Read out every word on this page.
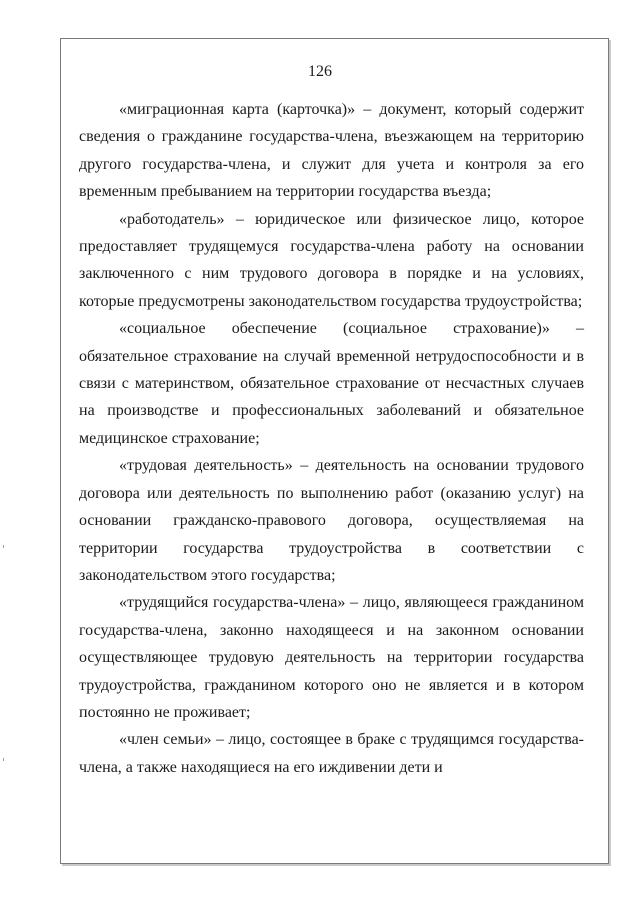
126

«миграционная карта (карточка)» – документ, который содержит сведения о гражданине государства-члена, въезжающем на территорию другого государства-члена, и служит для учета и контроля за его временным пребыванием на территории государства въезда;

«работодатель» – юридическое или физическое лицо, которое предоставляет трудящемуся государства-члена работу на основании заключенного с ним трудового договора в порядке и на условиях, которые предусмотрены законодательством государства трудоустройства;

«социальное обеспечение (социальное страхование)» – обязательное страхование на случай временной нетрудоспособности и в связи с материнством, обязательное страхование от несчастных случаев на производстве и профессиональных заболеваний и обязательное медицинское страхование;

«трудовая деятельность» – деятельность на основании трудового договора или деятельность по выполнению работ (оказанию услуг) на основании гражданско-правового договора, осуществляемая на территории государства трудоустройства в соответствии с законодательством этого государства;

«трудящийся государства-члена» – лицо, являющееся гражданином государства-члена, законно находящееся и на законном основании осуществляющее трудовую деятельность на территории государства трудоустройства, гражданином которого оно не является и в котором постоянно не проживает;

«член семьи» – лицо, состоящее в браке с трудящимся государства-члена, а также находящиеся на его иждивении дети и
